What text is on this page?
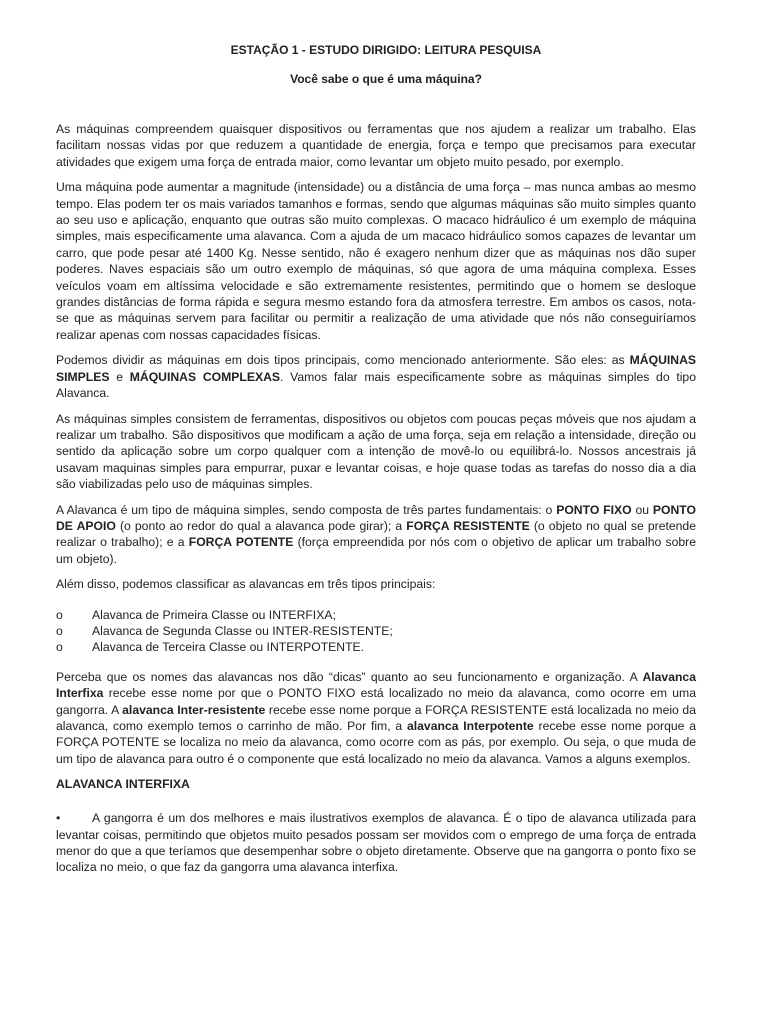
ESTAÇÃO 1 - ESTUDO DIRIGIDO: LEITURA PESQUISA
Você sabe o que é uma máquina?

As máquinas compreendem quaisquer dispositivos ou ferramentas que nos ajudem a realizar um trabalho. Elas facilitam nossas vidas por que reduzem a quantidade de energia, força e tempo que precisamos para executar atividades que exigem uma força de entrada maior, como levantar um objeto muito pesado, por exemplo.

Uma máquina pode aumentar a magnitude (intensidade) ou a distância de uma força – mas nunca ambas ao mesmo tempo. Elas podem ter os mais variados tamanhos e formas, sendo que algumas máquinas são muito simples quanto ao seu uso e aplicação, enquanto que outras são muito complexas. O macaco hidráulico é um exemplo de máquina simples, mais especificamente uma alavanca. Com a ajuda de um macaco hidráulico somos capazes de levantar um carro, que pode pesar até 1400 Kg. Nesse sentido, não é exagero nenhum dizer que as máquinas nos dão super poderes. Naves espaciais são um outro exemplo de máquinas, só que agora de uma máquina complexa. Esses veículos voam em altíssima velocidade e são extremamente resistentes, permitindo que o homem se desloque grandes distâncias de forma rápida e segura mesmo estando fora da atmosfera terrestre. Em ambos os casos, nota-se que as máquinas servem para facilitar ou permitir a realização de uma atividade que nós não conseguiríamos realizar apenas com nossas capacidades físicas.

Podemos dividir as máquinas em dois tipos principais, como mencionado anteriormente. São eles: as MÁQUINAS SIMPLES e MÁQUINAS COMPLEXAS. Vamos falar mais especificamente sobre as máquinas simples do tipo Alavanca.

As máquinas simples consistem de ferramentas, dispositivos ou objetos com poucas peças móveis que nos ajudam a realizar um trabalho. São dispositivos que modificam a ação de uma força, seja em relação a intensidade, direção ou sentido da aplicação sobre um corpo qualquer com a intenção de movê-lo ou equilibrá-lo. Nossos ancestrais já usavam maquinas simples para empurrar, puxar e levantar coisas, e hoje quase todas as tarefas do nosso dia a dia são viabilizadas pelo uso de máquinas simples.

A Alavanca é um tipo de máquina simples, sendo composta de três partes fundamentais: o PONTO FIXO ou PONTO DE APOIO (o ponto ao redor do qual a alavanca pode girar); a FORÇA RESISTENTE (o objeto no qual se pretende realizar o trabalho); e a FORÇA POTENTE (força empreendida por nós com o objetivo de aplicar um trabalho sobre um objeto).

Além disso, podemos classificar as alavancas em três tipos principais:

o Alavanca de Primeira Classe ou INTERFIXA;
o Alavanca de Segunda Classe ou INTER-RESISTENTE;
o Alavanca de Terceira Classe ou INTERPOTENTE.

Perceba que os nomes das alavancas nos dão “dicas” quanto ao seu funcionamento e organização. A Alavanca Interfixa recebe esse nome por que o PONTO FIXO está localizado no meio da alavanca, como ocorre em uma gangorra. A alavanca Inter-resistente recebe esse nome porque a FORÇA RESISTENTE está localizada no meio da alavanca, como exemplo temos o carrinho de mão. Por fim, a alavanca Interpotente recebe esse nome porque a FORÇA POTENTE se localiza no meio da alavanca, como ocorre com as pás, por exemplo. Ou seja, o que muda de um tipo de alavanca para outro é o componente que está localizado no meio da alavanca. Vamos a alguns exemplos.

ALAVANCA INTERFIXA

•	A gangorra é um dos melhores e mais ilustrativos exemplos de alavanca. É o tipo de alavanca utilizada para levantar coisas, permitindo que objetos muito pesados possam ser movidos com o emprego de uma força de entrada menor do que a que teríamos que desempenhar sobre o objeto diretamente. Observe que na gangorra o ponto fixo se localiza no meio, o que faz da gangorra uma alavanca interfixa.
